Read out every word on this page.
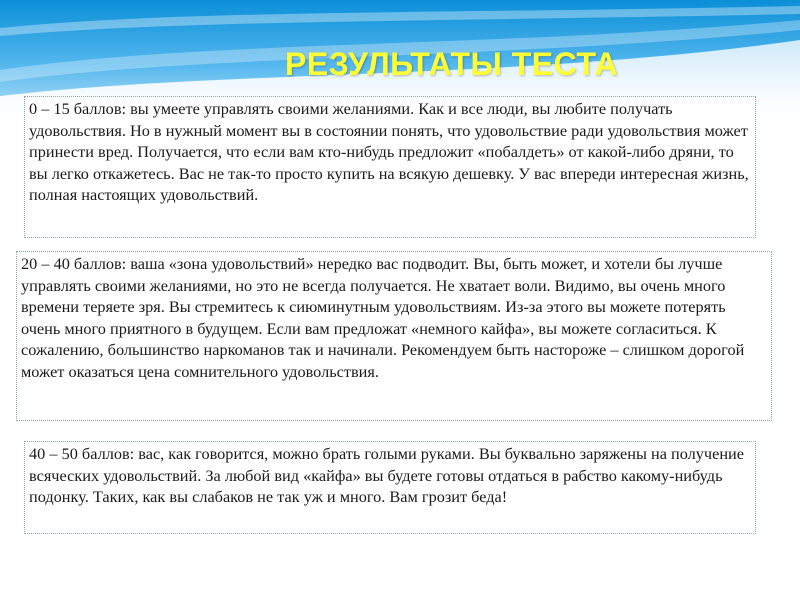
РЕЗУЛЬТАТЫ ТЕСТА
0 – 15 баллов: вы умеете управлять своими желаниями. Как и все люди, вы любите получать удовольствия. Но в нужный момент вы в состоянии понять, что удовольствие ради удовольствия может принести вред. Получается, что если вам кто-нибудь предложит «побалдеть» от какой-либо дряни, то вы легко откажетесь. Вас не так-то просто купить на всякую дешевку. У вас впереди интересная жизнь, полная настоящих удовольствий.
20 – 40 баллов: ваша «зона удовольствий» нередко вас подводит. Вы, быть может, и хотели бы лучше управлять своими желаниями, но это не всегда получается. Не хватает воли. Видимо, вы очень много времени теряете зря. Вы стремитесь к сиюминутным удовольствиям. Из-за этого вы можете потерять очень много приятного в будущем. Если вам предложат «немного кайфа», вы можете согласиться. К сожалению, большинство наркоманов так и начинали. Рекомендуем быть настороже – слишком дорогой может оказаться цена сомнительного удовольствия.
40 – 50 баллов: вас, как говорится, можно брать голыми руками. Вы буквально заряжены на получение всяческих удовольствий. За любой вид «кайфа» вы будете готовы отдаться в рабство какому-нибудь подонку. Таких, как вы слабаков не так уж и много. Вам грозит беда!
